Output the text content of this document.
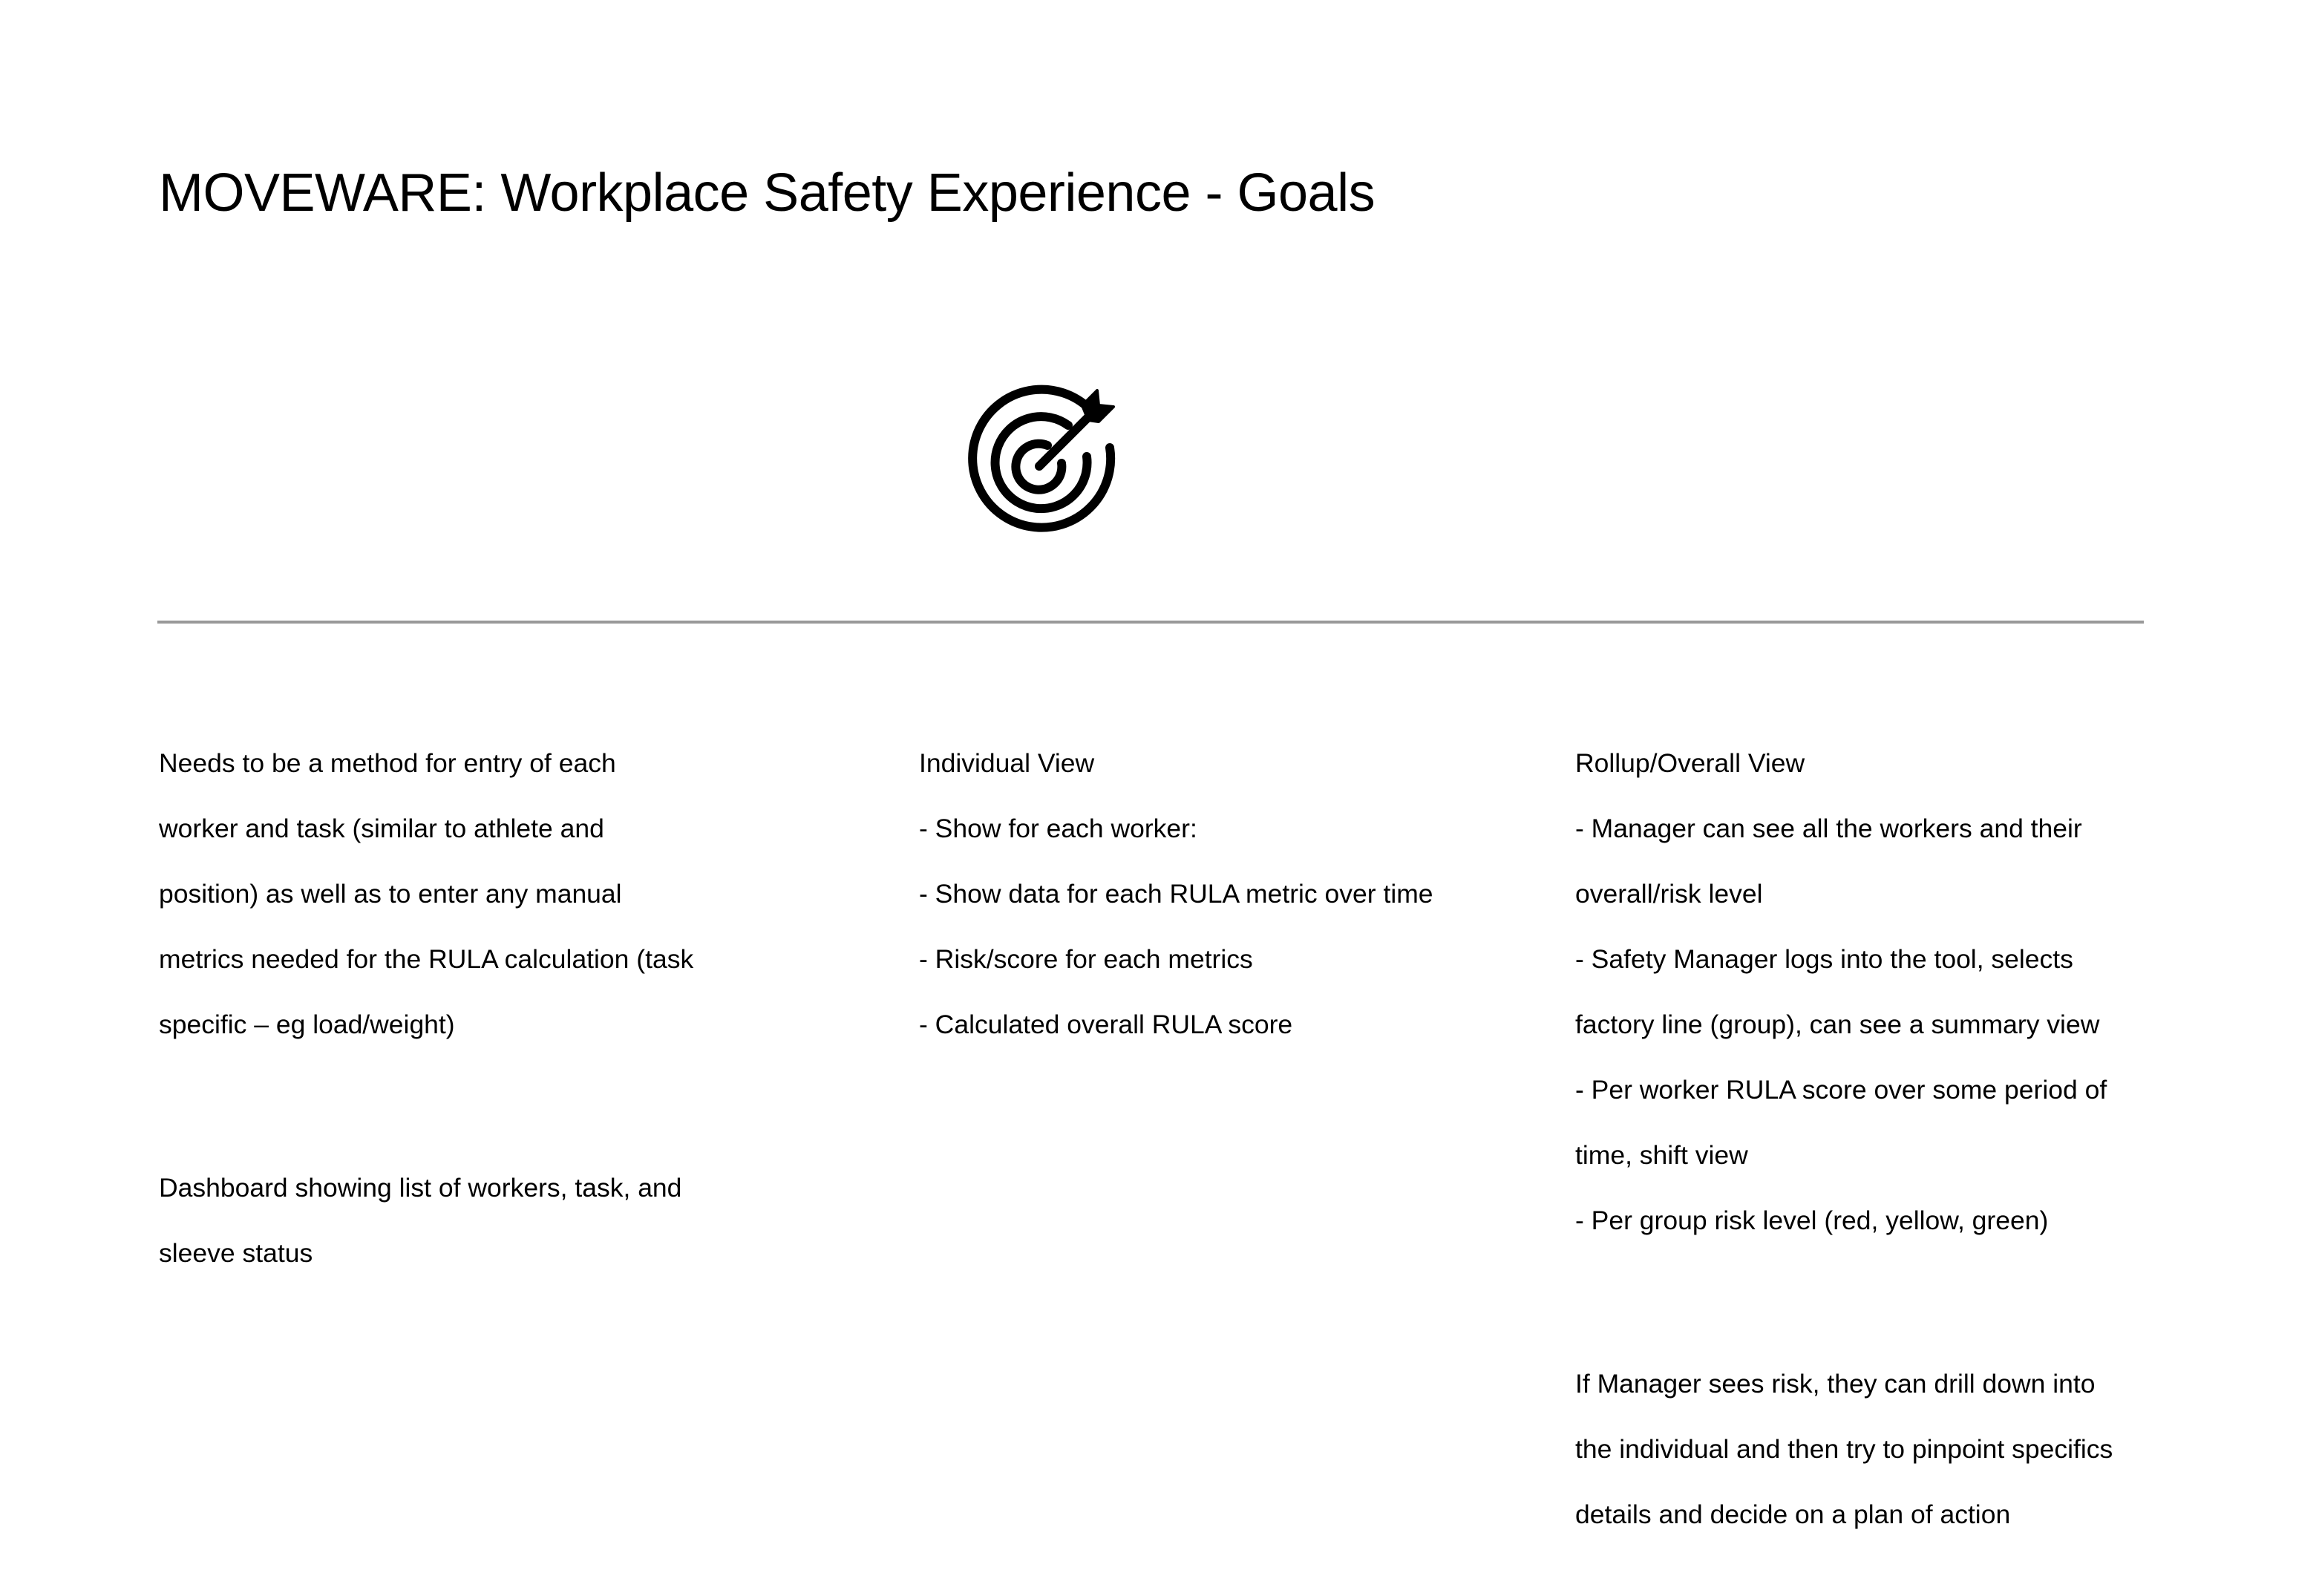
MOVEWARE: Workplace Safety Experience - Goals

Needs to be a method for entry of each

worker and task (similar to athlete and

position) as well as to enter any manual

metrics needed for the RULA calculation (task

specific – eg load/weight)

Dashboard showing list of workers, task, and

sleeve status

Individual View

- Show for each worker:

- Show data for each RULA metric over time

- Risk/score for each metrics

- Calculated overall RULA score

Rollup/Overall View

- Manager can see all the workers and their

overall/risk level

- Safety Manager logs into the tool, selects

factory line (group), can see a summary view

- Per worker RULA score over some period of

time, shift view

- Per group risk level (red, yellow, green)

If Manager sees risk, they can drill down into

the individual and then try to pinpoint specifics

details and decide on a plan of action
